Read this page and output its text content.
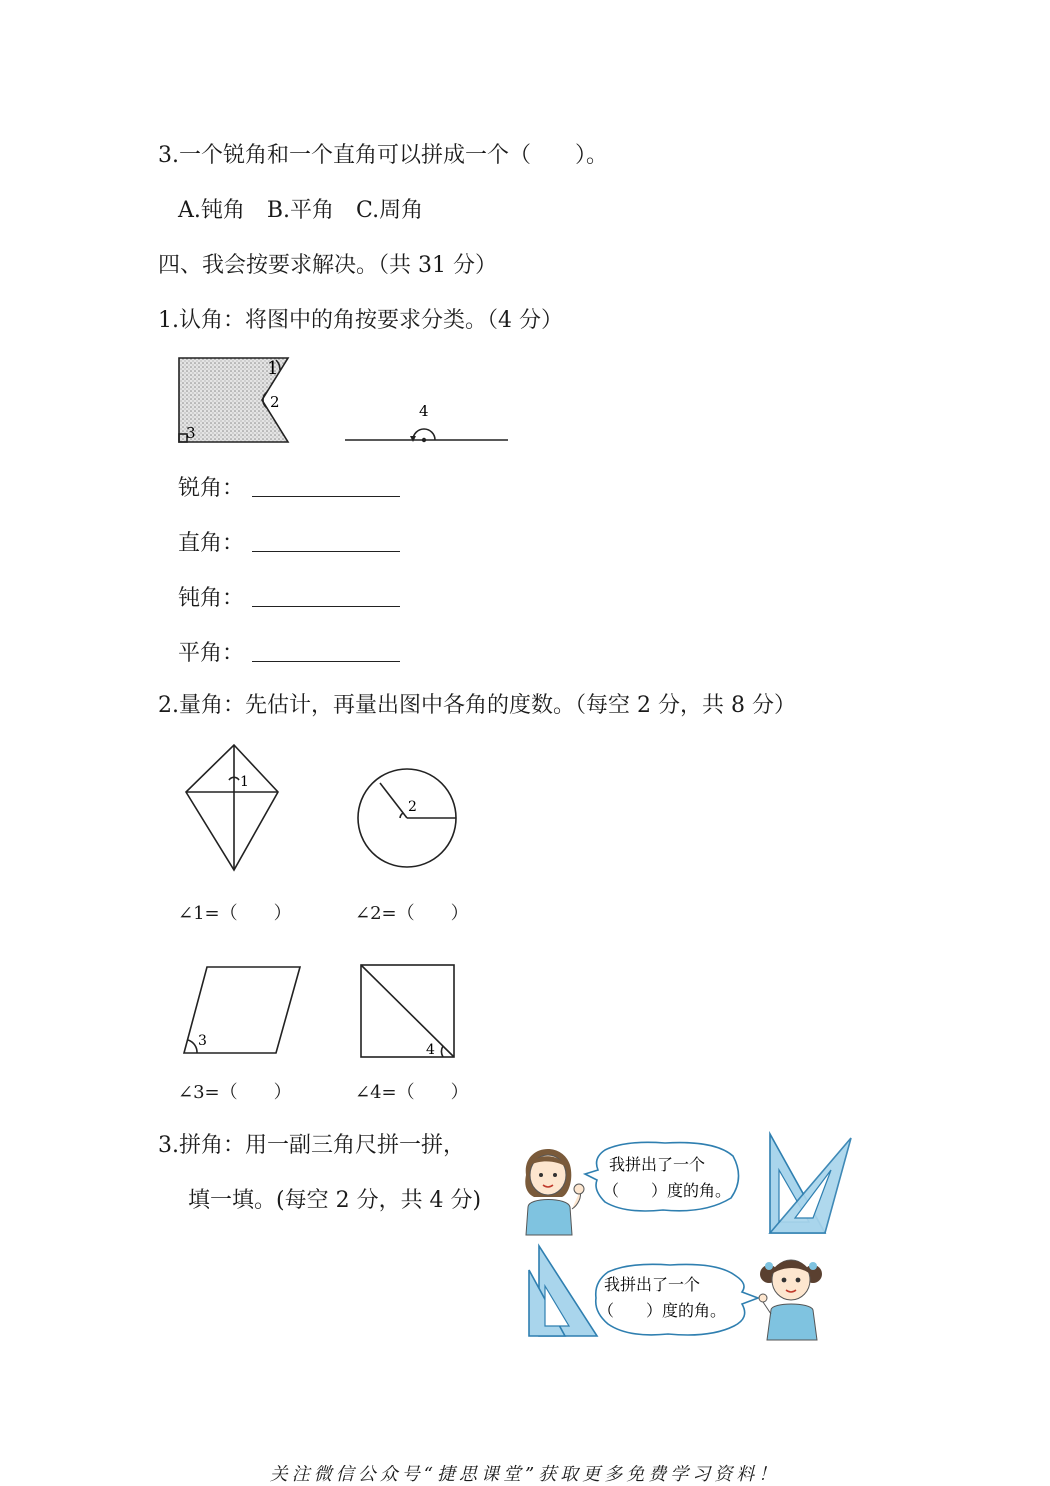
3.一个锐角和一个直角可以拼成一个（　　）。
A.钝角　B.平角　C.周角
四、我会按要求解决。（共 31 分）
1.认角：将图中的角按要求分类。（4 分）
1
2
3
4
锐角：
直角：
钝角：
平角：
2.量角：先估计，再量出图中各角的度数。（每空 2 分，共 8 分）
1
2
∠1=（　　）	∠2=（　　）
3
4
∠3=（　　）	∠4=（　　）
3.拼角：用一副三角尺拼一拼，
填一填。(每空 2 分，共 4 分)
我拼出了一个
（　　）度的角。
我拼出了一个
（　　）度的角。
关注微信公众号“捷思课堂”获取更多免费学习资料！
